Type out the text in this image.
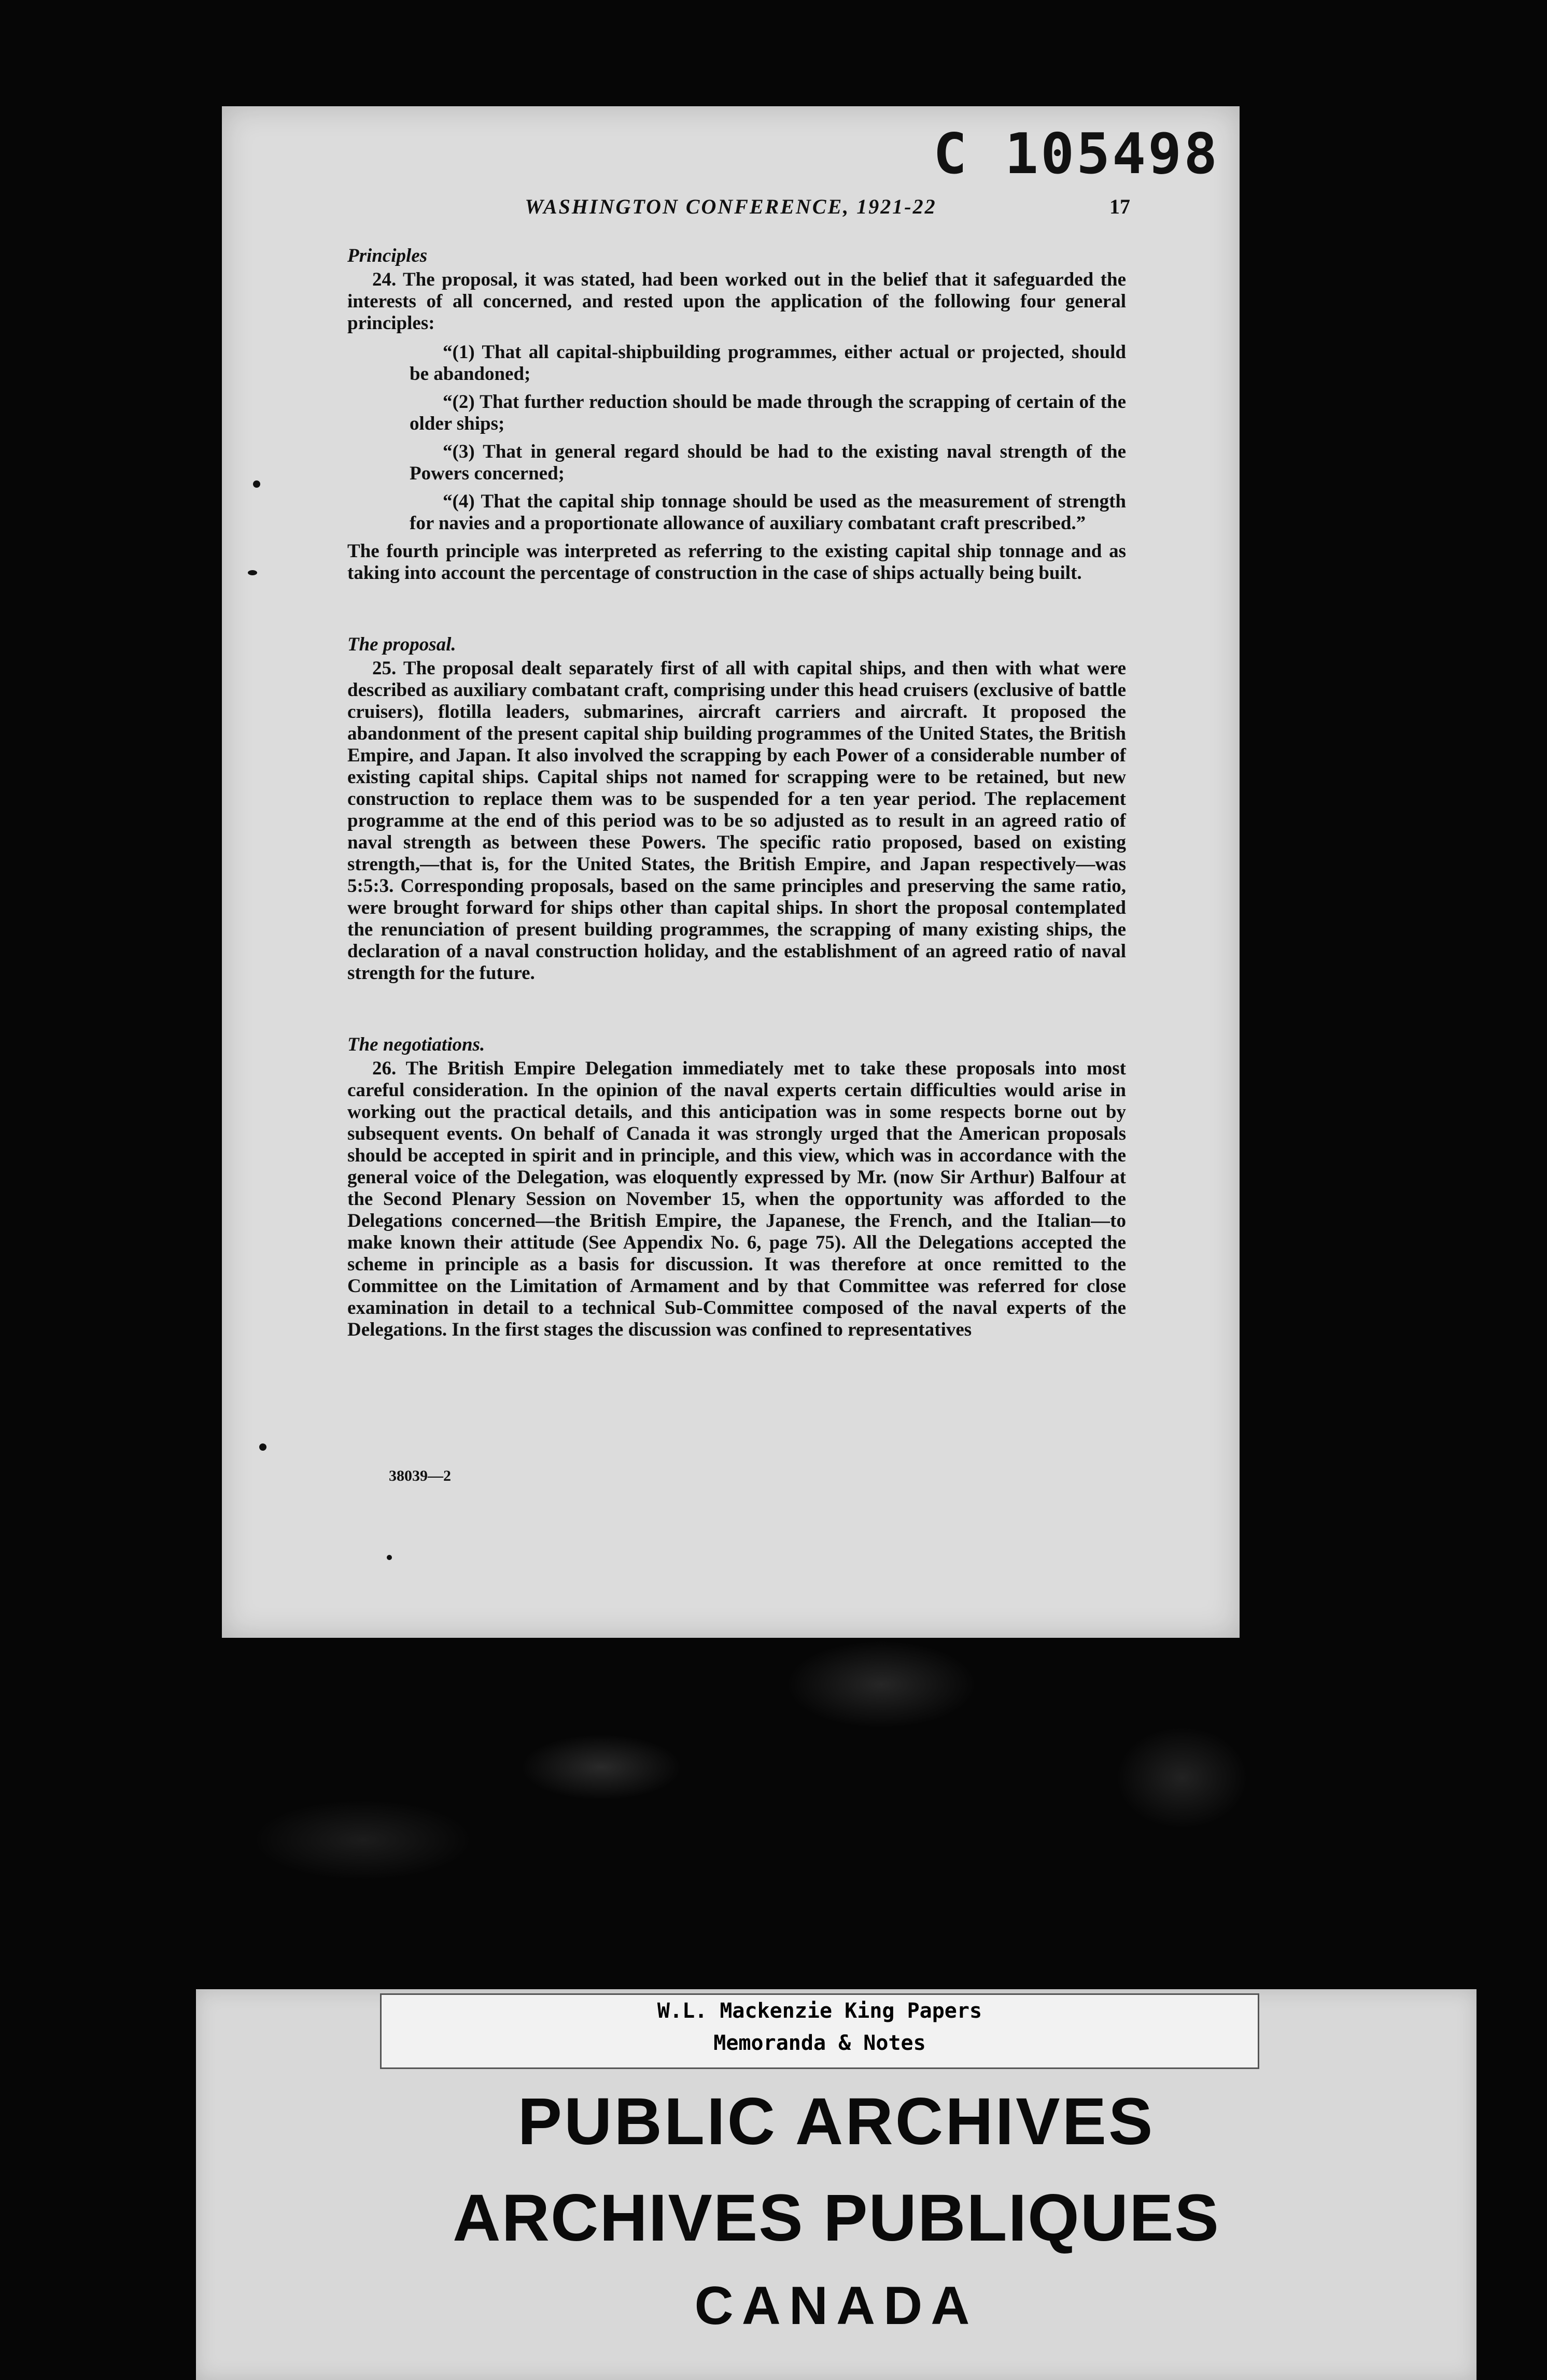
C 105498
WASHINGTON CONFERENCE, 1921-22	17
Principles

24. The proposal, it was stated, had been worked out in the belief that it safeguarded the interests of all concerned, and rested upon the application of the following four general principles:

“(1) That all capital-shipbuilding programmes, either actual or projected, should be abandoned;

“(2) That further reduction should be made through the scrapping of certain of the older ships;

“(3) That in general regard should be had to the existing naval strength of the Powers concerned;

“(4) That the capital ship tonnage should be used as the measurement of strength for navies and a proportionate allowance of auxiliary combatant craft prescribed.”

The fourth principle was interpreted as referring to the existing capital ship tonnage and as taking into account the percentage of construction in the case of ships actually being built.

The proposal.

25. The proposal dealt separately first of all with capital ships, and then with what were described as auxiliary combatant craft, comprising under this head cruisers (exclusive of battle cruisers), flotilla leaders, submarines, aircraft carriers and aircraft. It proposed the abandonment of the present capital ship building programmes of the United States, the British Empire, and Japan. It also involved the scrapping by each Power of a considerable number of existing capital ships. Capital ships not named for scrapping were to be retained, but new construction to replace them was to be suspended for a ten year period. The replacement programme at the end of this period was to be so adjusted as to result in an agreed ratio of naval strength as between these Powers. The specific ratio proposed, based on existing strength,—that is, for the United States, the British Empire, and Japan respectively—was 5:5:3. Corresponding proposals, based on the same principles and preserving the same ratio, were brought forward for ships other than capital ships. In short the proposal contemplated the renunciation of present building programmes, the scrapping of many existing ships, the declaration of a naval construction holiday, and the establishment of an agreed ratio of naval strength for the future.

The negotiations.

26. The British Empire Delegation immediately met to take these proposals into most careful consideration. In the opinion of the naval experts certain difficulties would arise in working out the practical details, and this anticipation was in some respects borne out by subsequent events. On behalf of Canada it was strongly urged that the American proposals should be accepted in spirit and in principle, and this view, which was in accordance with the general voice of the Delegation, was eloquently expressed by Mr. (now Sir Arthur) Balfour at the Second Plenary Session on November 15, when the opportunity was afforded to the Delegations concerned—the British Empire, the Japanese, the French, and the Italian—to make known their attitude (See Appendix No. 6, page 75). All the Delegations accepted the scheme in principle as a basis for discussion. It was therefore at once remitted to the Committee on the Limitation of Armament and by that Committee was referred for close examination in detail to a technical Sub-Committee composed of the naval experts of the Delegations. In the first stages the discussion was confined to representatives

38039—2
W.L. Mackenzie King Papers
Memoranda & Notes
PUBLIC ARCHIVES
ARCHIVES PUBLIQUES
CANADA
